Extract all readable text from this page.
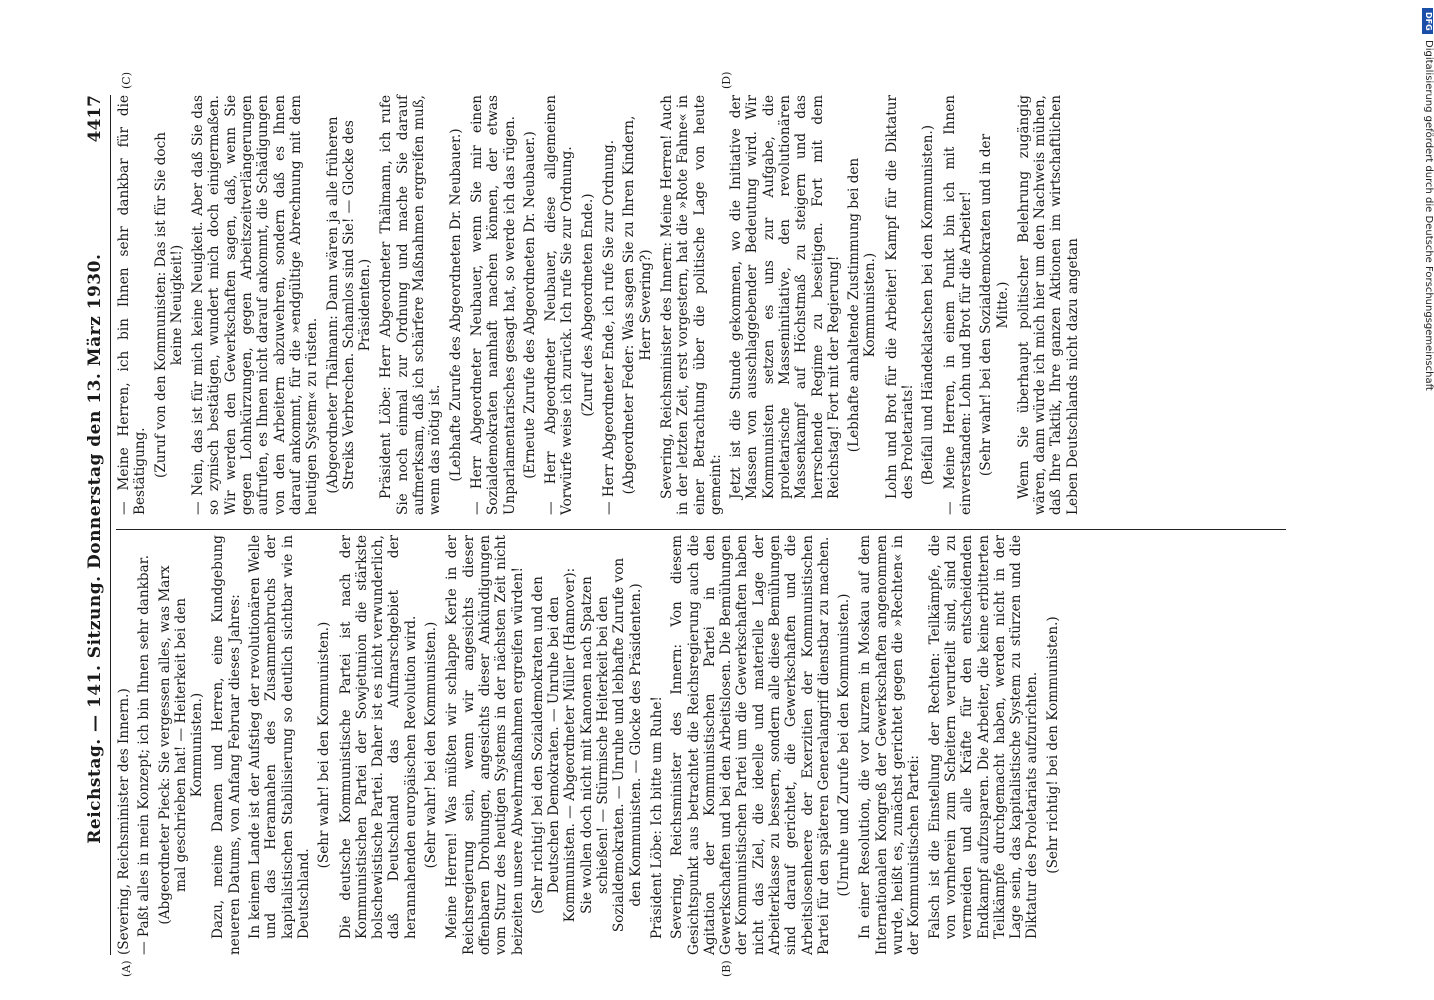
Reichstag. — 141. Sitzung. Donnerstag den 13. März 1930.
4417

(Severing, Reichsminister des Innern.) — Paßt alles in mein Konzept; ich bin Ihnen sehr dankbar. (Abgeordneter Pieck: Sie vergessen alles, was Marx mal geschrieben hat! — Heiterkeit bei den Kommunisten.) Dazu, meine Damen und Herren, eine Kundgebung neueren Datums, von Anfang Februar dieses Jahres: In keinem Lande ist der Aufstieg der revolutionären Welle und das Herannahen des Zusammenbruchs der kapitalistischen Stabilisierung so deutlich sichtbar wie in Deutschland.

(Sehr wahr! bei den Kommunisten.) Die deutsche Kommunistische Partei ist nach der Kommunistischen Partei der Sowjetunion die stärkste bolschewistische Partei. Daher ist es nicht verwunderlich, daß Deutschland das Aufmarschgebiet der herannahenden europäischen Revolution wird. (Sehr wahr! bei den Kommunisten.) Meine Herren! Was müßten wir schlappe Kerle in der Reichsregierung sein, wenn wir angesichts dieser offenbaren Drohungen, angesichts dieser Ankündigungen vom Sturz des heutigen Systems in der nächsten Zeit nicht beizeiten unsere Abwehrmaßnahmen ergreifen würden! (Sehr richtig! bei den Sozialdemokraten und den Deutschen Demokraten. — Unruhe bei den Kommunisten. — Abgeordneter Müller (Hannover): Sie wollen doch nicht mit Kanonen nach Spatzen schießen! — Stürmische Heiterkeit bei den Sozialdemokraten. — Unruhe und lebhafte Zurufe von den Kommunisten. — Glocke des Präsidenten.) Präsident Löbe: Ich bitte um Ruhe! Severing, Reichsminister des Innern: Von diesem Gesichtspunkt aus betrachtet die Reichsregierung auch die Agitation der Kommunistischen Partei in den Gewerkschaften und bei den Arbeitslosen. Die Bemühungen der Kommunistischen Partei um die Gewerkschaften haben nicht das Ziel, die ideelle und materielle Lage der Arbeiterklasse zu bessern, sondern alle diese Bemühungen sind darauf gerichtet, die Gewerkschaften und die Arbeitslosenheere der Exerzitien der Kommunistischen Partei für den späteren Generalangriff dienstbar zu machen. (Unruhe und Zurufe bei den Kommunisten.) In einer Resolution, die vor kurzem in Moskau auf dem Internationalen Kongreß der Gewerkschaften angenommen wurde, heißt es, zunächst gerichtet gegen die »Rechten« in der Kommunistischen Partei: Falsch ist die Einstellung der Rechten: Teilkämpfe, die von vornherein zum Scheitern verurteilt sind, sind zu vermeiden und alle Kräfte für den entscheidenden Endkampf aufzusparen. Die Arbeiter, die keine erbitterten Teilkämpfe durchgemacht haben, werden nicht in der Lage sein, das kapitalistische System zu stürzen und die Diktatur des Proletariats aufzurichten. (Sehr richtig! bei den Kommunisten.)

— Meine Herren, ich bin Ihnen sehr dankbar für die Bestätigung. (Zuruf von den Kommunisten: Das ist für Sie doch keine Neuigkeit!) — Nein, das ist für mich keine Neuigkeit. Aber daß Sie das so zynisch bestätigen, wundert mich doch einigermaßen. Wir werden den Gewerkschaften sagen, daß, wenn Sie gegen Lohnkürzungen, gegen Arbeitszeitverlängerungen aufrufen, es Ihnen nicht darauf ankommt, die Schädigungen von den Arbeitern abzuwehren, sondern daß es Ihnen darauf ankommt, für die »endgültige Abrechnung mit dem heutigen System« zu rüsten. (Abgeordneter Thälmann: Dann wären ja alle früheren Streiks Verbrechen. Schamlos sind Sie! — Glocke des Präsidenten.) Präsident Löbe: Herr Abgeordneter Thälmann, ich rufe Sie noch einmal zur Ordnung und mache Sie darauf aufmerksam, daß ich schärfere Maßnahmen ergreifen muß, wenn das nötig ist. (Lebhafte Zurufe des Abgeordneten Dr. Neubauer.) — Herr Abgeordneter Neubauer, wenn Sie mir einen Sozialdemokraten namhaft machen können, der etwas Unparlamentarisches gesagt hat, so werde ich das rügen. (Erneute Zurufe des Abgeordneten Dr. Neubauer.) — Herr Abgeordneter Neubauer, diese allgemeinen Vorwürfe weise ich zurück. Ich rufe Sie zur Ordnung. (Zuruf des Abgeordneten Ende.) — Herr Abgeordneter Ende, ich rufe Sie zur Ordnung. (Abgeordneter Feder: Was sagen Sie zu Ihren Kindern, Herr Severing?) Severing, Reichsminister des Innern: Meine Herren! Auch in der letzten Zeit, erst vorgestern, hat die »Rote Fahne« in einer Betrachtung über die politische Lage von heute gemeint: Jetzt ist die Stunde gekommen, wo die Initiative der Massen von ausschlaggebender Bedeutung wird. Wir Kommunisten setzen es uns zur Aufgabe, die proletarische Masseninitiative, den revolutionären Massenkampf auf Höchstmaß zu steigern und das herrschende Regime zu beseitigen. Fort mit dem Reichstag! Fort mit der Regierung! (Lebhafte anhaltende Zustimmung bei den Kommunisten.) Lohn und Brot für die Arbeiter! Kampf für die Diktatur des Proletariats! (Beifall und Händeklatschen bei den Kommunisten.) — Meine Herren, in einem Punkt bin ich mit Ihnen einverstanden: Lohn und Brot für die Arbeiter! (Sehr wahr! bei den Sozialdemokraten und in der Mitte.) Wenn Sie überhaupt politischer Belehrung zugängig wären, dann würde ich mich hier um den Nachweis mühen, daß Ihre Taktik, Ihre ganzen Aktionen im wirtschaftlichen Leben Deutschlands nicht dazu angetan

(A)	(B)
(C)	(D)
DFG
Digitalisierung gefördert durch die Deutsche Forschungsgemeinschaft
